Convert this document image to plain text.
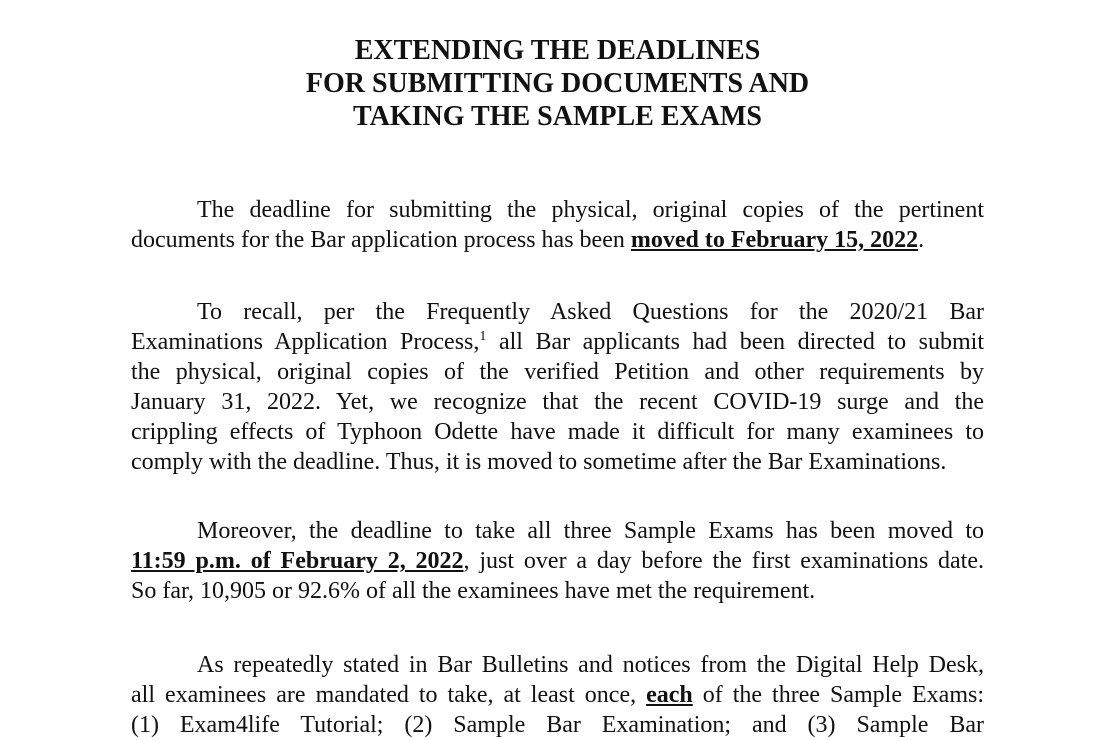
EXTENDING THE DEADLINES
FOR SUBMITTING DOCUMENTS AND
TAKING THE SAMPLE EXAMS
The deadline for submitting the physical, original copies of the pertinent
documents for the Bar application process has been moved to February 15, 2022.
To recall, per the Frequently Asked Questions for the 2020/21 Bar
Examinations Application Process,$^1$ all Bar applicants had been directed to submit
the physical, original copies of the verified Petition and other requirements by
January 31, 2022. Yet, we recognize that the recent COVID-19 surge and the
crippling effects of Typhoon Odette have made it difficult for many examinees to
comply with the deadline. Thus, it is moved to sometime after the Bar Examinations.
Moreover, the deadline to take all three Sample Exams has been moved to
11:59 p.m. of February 2, 2022, just over a day before the first examinations date.
So far, 10,905 or 92.6% of all the examinees have met the requirement.
As repeatedly stated in Bar Bulletins and notices from the Digital Help Desk,
all examinees are mandated to take, at least once, each of the three Sample Exams:
(1) Exam4life Tutorial; (2) Sample Bar Examination; and (3) Sample Bar
